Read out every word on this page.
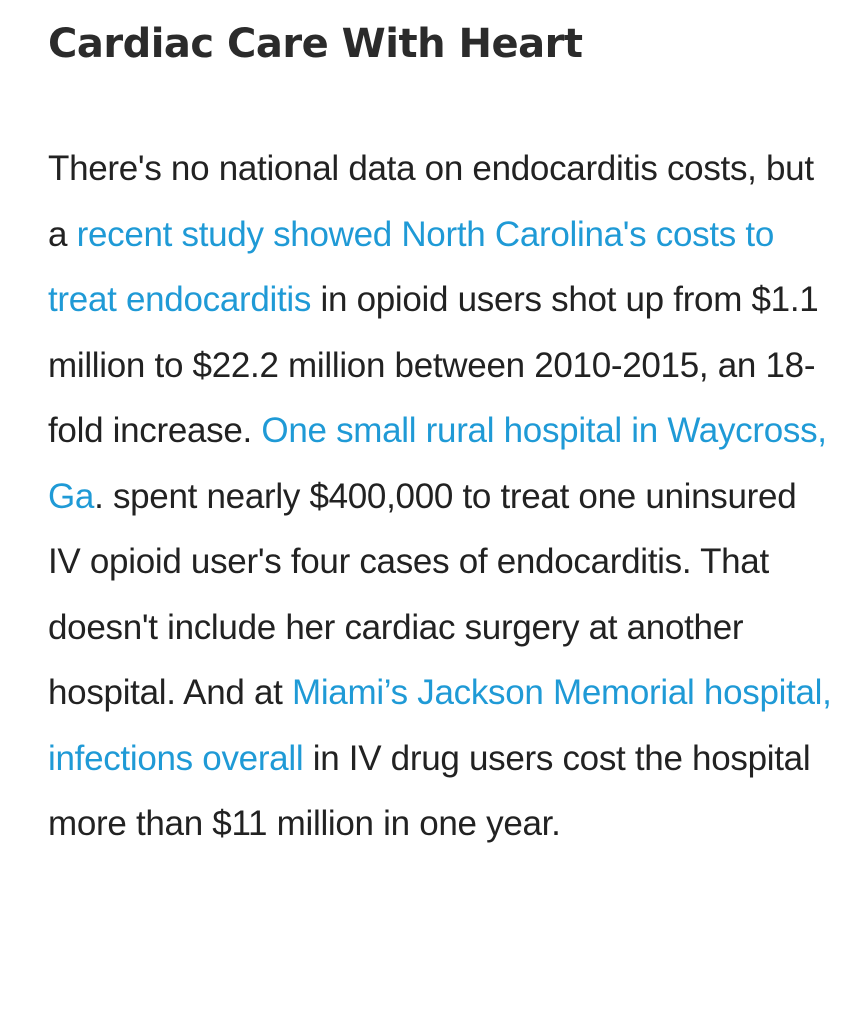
Cardiac Care With Heart

There's no national data on endocarditis costs, but a recent study showed North Carolina's costs to treat endocarditis in opioid users shot up from $1.1 million to $22.2 million between 2010-2015, an 18-fold increase. One small rural hospital in Waycross, Ga. spent nearly $400,000 to treat one uninsured IV opioid user's four cases of endocarditis. That doesn't include her cardiac surgery at another hospital. And at Miami’s Jackson Memorial hospital, infections overall in IV drug users cost the hospital more than $11 million in one year.
